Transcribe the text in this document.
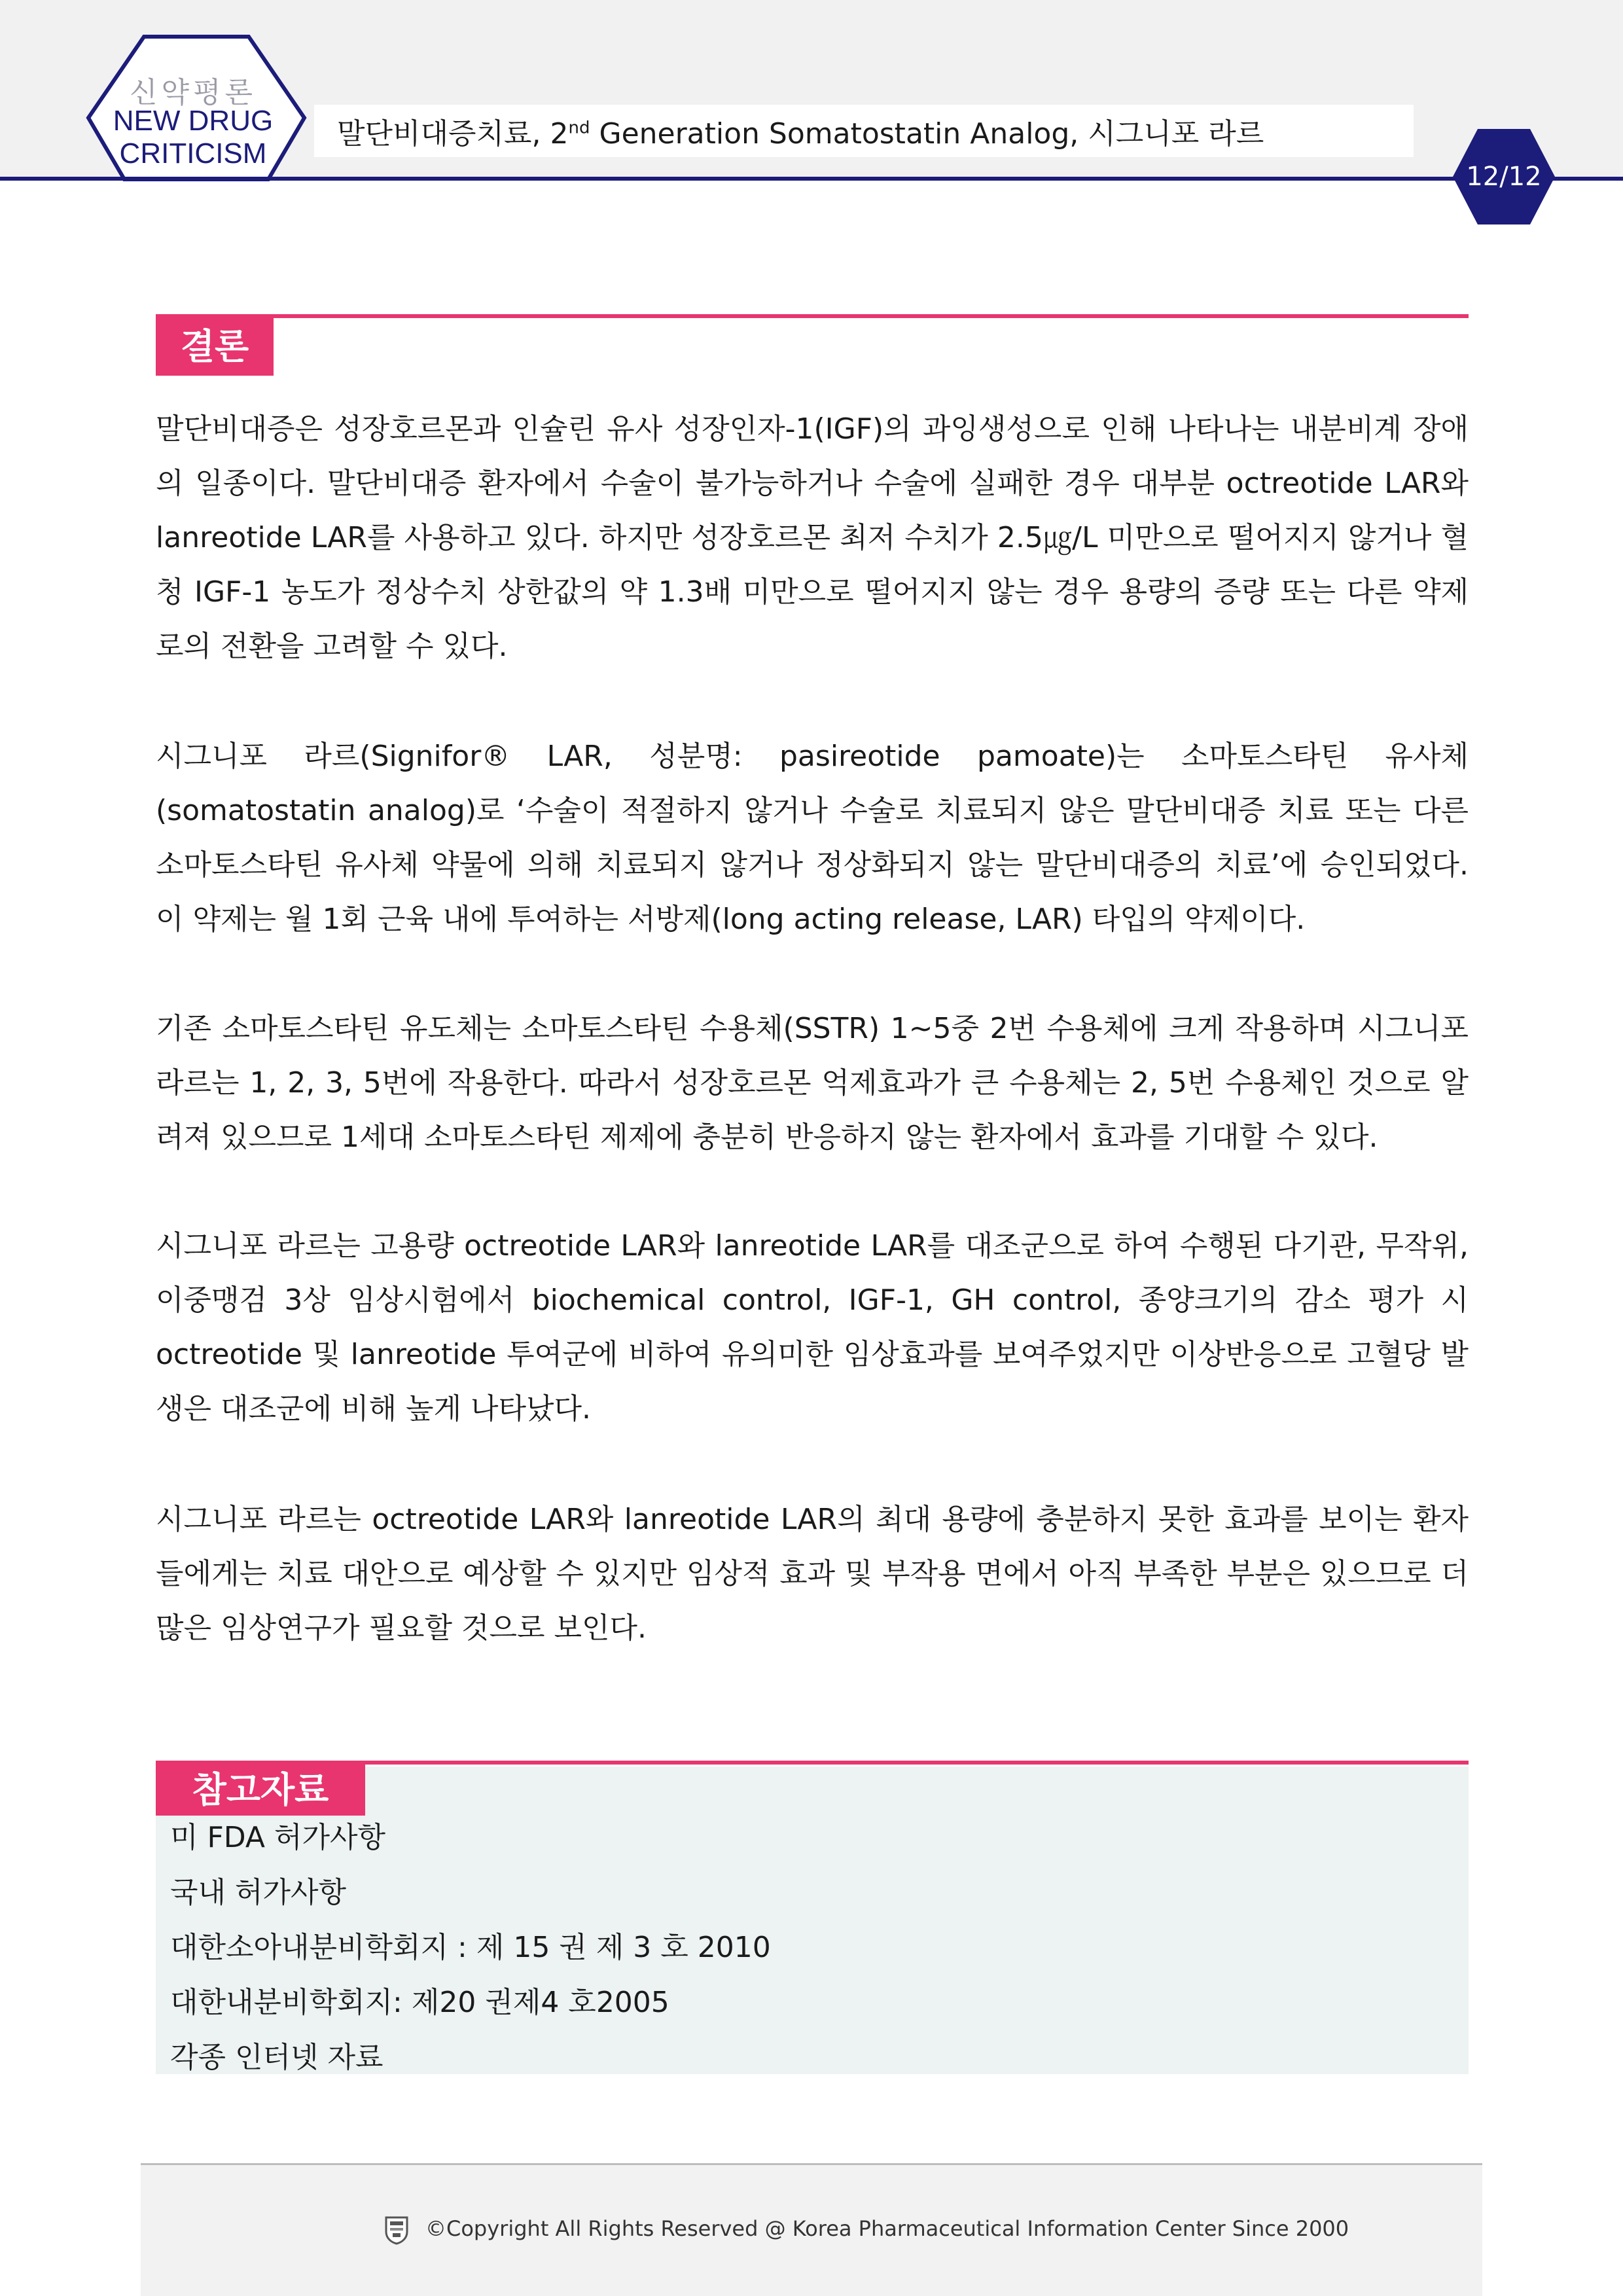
신약평론
NEW DRUG
CRITICISM
말단비대증치료, 2nd Generation Somatostatin Analog, 시그니포 라르
12/12
결론

말단비대증은 성장호르몬과 인슐린 유사 성장인자-1(IGF)의 과잉생성으로 인해 나타나는 내분비계 장애의 일종이다. 말단비대증 환자에서 수술이 불가능하거나 수술에 실패한 경우 대부분 octreotide LAR와 lanreotide LAR를 사용하고 있다. 하지만 성장호르몬 최저 수치가 2.5㎍/L 미만으로 떨어지지 않거나 혈청 IGF-1 농도가 정상수치 상한값의 약 1.3배 미만으로 떨어지지 않는 경우 용량의 증량 또는 다른 약제로의 전환을 고려할 수 있다.

시그니포 라르(Signifor® LAR, 성분명: pasireotide pamoate)는 소마토스타틴 유사체(somatostatin analog)로 ‘수술이 적절하지 않거나 수술로 치료되지 않은 말단비대증 치료 또는 다른 소마토스타틴 유사체 약물에 의해 치료되지 않거나 정상화되지 않는 말단비대증의 치료’에 승인되었다. 이 약제는 월 1회 근육 내에 투여하는 서방제(long acting release, LAR) 타입의 약제이다.

기존 소마토스타틴 유도체는 소마토스타틴 수용체(SSTR) 1~5중 2번 수용체에 크게 작용하며 시그니포 라르는 1, 2, 3, 5번에 작용한다. 따라서 성장호르몬 억제효과가 큰 수용체는 2, 5번 수용체인 것으로 알려져 있으므로 1세대 소마토스타틴 제제에 충분히 반응하지 않는 환자에서 효과를 기대할 수 있다.

시그니포 라르는 고용량 octreotide LAR와 lanreotide LAR를 대조군으로 하여 수행된 다기관, 무작위, 이중맹검 3상 임상시험에서 biochemical control, IGF-1, GH control, 종양크기의 감소 평가 시 octreotide 및 lanreotide 투여군에 비하여 유의미한 임상효과를 보여주었지만 이상반응으로 고혈당 발생은 대조군에 비해 높게 나타났다.

시그니포 라르는 octreotide LAR와 lanreotide LAR의 최대 용량에 충분하지 못한 효과를 보이는 환자들에게는 치료 대안으로 예상할 수 있지만 임상적 효과 및 부작용 면에서 아직 부족한 부분은 있으므로 더 많은 임상연구가 필요할 것으로 보인다.

참고자료
미 FDA 허가사항
국내 허가사항
대한소아내분비학회지 : 제 15 권 제 3 호 2010
대한내분비학회지: 제20 권제4 호2005
각종 인터넷 자료
©Copyright All Rights Reserved @ Korea Pharmaceutical Information Center Since 2000
